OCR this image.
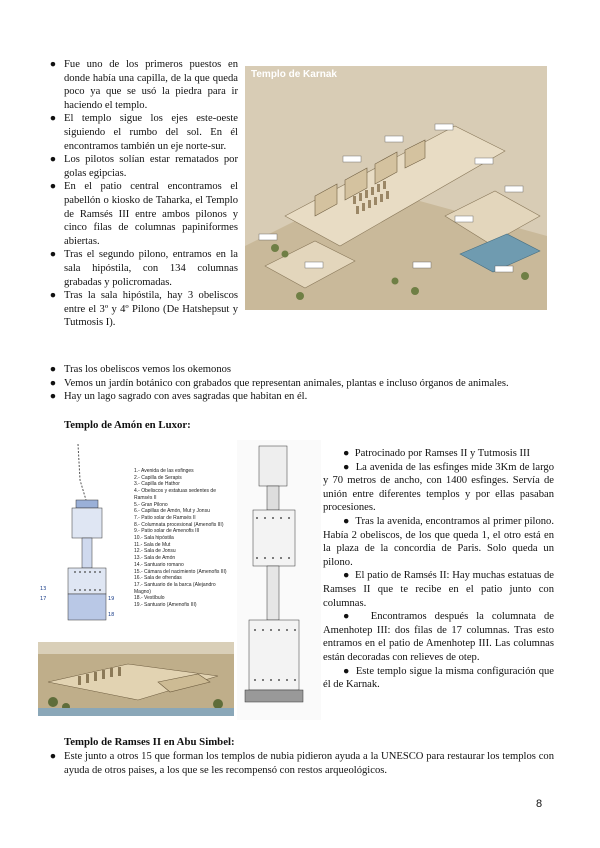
● Fue uno de los primeros puestos en donde había una capilla, de la que queda poco ya que se usó la piedra para ir haciendo el templo.
● El templo sigue los ejes este-oeste siguiendo el rumbo del sol. En él encontramos también un eje norte-sur.
● Los pilotos solían estar rematados por golas egipcias.
● En el patio central encontramos el pabellón o kiosko de Taharka, el Templo de Ramsés III entre ambos pilonos y cinco filas de columnas papiniformes abiertas.
● Tras el segundo pilono, entramos en la sala hipóstila, con 134 columnas grabadas y policromadas.
● Tras la sala hipóstila, hay 3 obeliscos entre el 3º y 4º Pilono (De Hatshepsut y Tutmosis I).
Templo de Karnak
● Tras los obeliscos vemos los okemonos
● Vemos un jardín botánico con grabados que representan animales, plantas e incluso órganos de animales.
● Hay un lago sagrado con aves sagradas que habitan en él.
Templo de Amón en Luxor:
13
17	19
18
1.- Avenida de las esfinges
2.- Capilla de Serapis
3.- Capilla de Hathor
4.- Obeliscos y estatuas sedentes de Ramsés II
5.- Gran Pilono
6.- Capillas de Amón, Mut y Jonsu
7.- Patio solar de Ramsés II
8.- Columnata procesional (Amenofis III)
9.- Patio solar de Amenofis III
10.- Sala hipóstila
11.- Sala de Mut
12.- Sala de Jonsu
13.- Sala de Amón
14.- Santuario romano
15.- Cámara del nacimiento (Amenofis III)
16.- Sala de ofrendas
17.- Santuario de la barca (Alejandro Magno)
18.- Vestíbulo
19.- Santuario (Amenofis III)
● Patrocinado por Ramses II y Tutmosis III
● La avenida de las esfinges mide 3Km de largo y 70 metros de ancho, con 1400 esfinges. Servía de unión entre diferentes templos y por ellas pasaban procesiones.
● Tras la avenida, encontramos al primer pilono. Había 2 obeliscos, de los que queda 1, el otro está en la plaza de la concordia de Paris. Solo queda un pilono.
● El patio de Ramsés II: Hay muchas estatuas de Ramses II que te recibe en el patio junto con columnas.
● Encontramos después la columnata de Amenhotep III: dos filas de 17 columnas. Tras esto entramos en el patio de Amenhotep III. Las columnas están decoradas con relieves de otep.
● Este templo sigue la misma configuración que él de Karnak.
Templo de Ramses II en Abu Simbel:
● Este junto a otros 15 que forman los templos de nubia pidieron ayuda a la UNESCO para restaurar los templos con ayuda de otros paises, a los que se les recompensó con restos arqueológicos.
8
